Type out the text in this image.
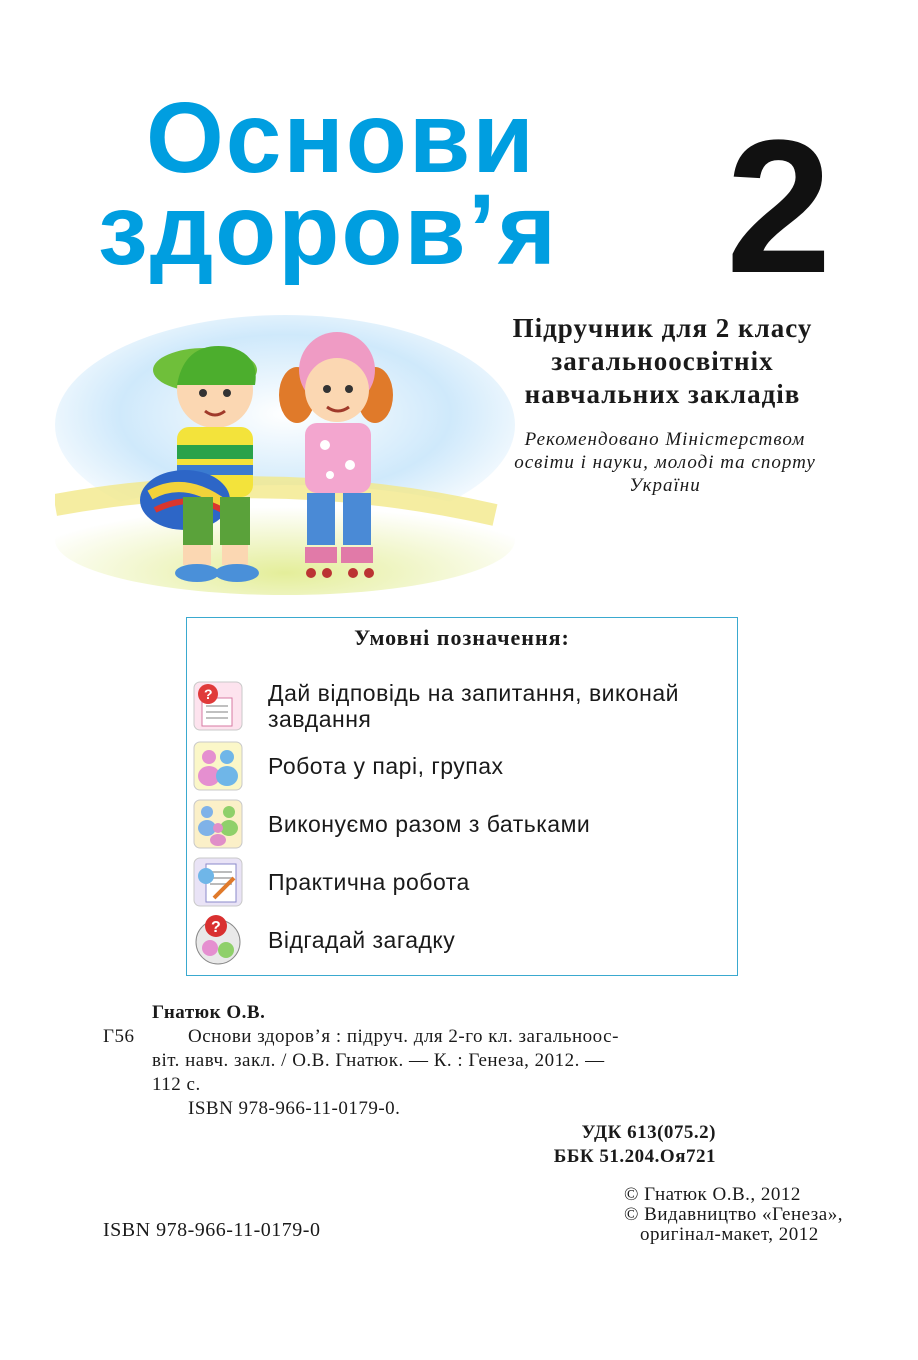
Основи
здоров’я 2
Підручник для 2 класу
загальноосвітніх
навчальних закладів
Рекомендовано Міністерством
освіти і науки, молоді та спорту
України
Умовні позначення:
? Дай відповідь на запитання, виконай завдання
Робота у парі, групах
Виконуємо разом з батьками
Практична робота
? Відгадай загадку
Гнатюк О.В.
Г56	Основи здоров’я : підруч. для 2-го кл. загальноос-
віт. навч. закл. / О.В. Гнатюк. — К. : Генеза, 2012. —
112 с.
ISBN 978-966-11-0179-0.
УДК 613(075.2)
ББК 51.204.Оя721
© Гнатюк О.В., 2012
© Видавництво «Генеза»,
оригінал-макет, 2012
ISBN 978-966-11-0179-0
